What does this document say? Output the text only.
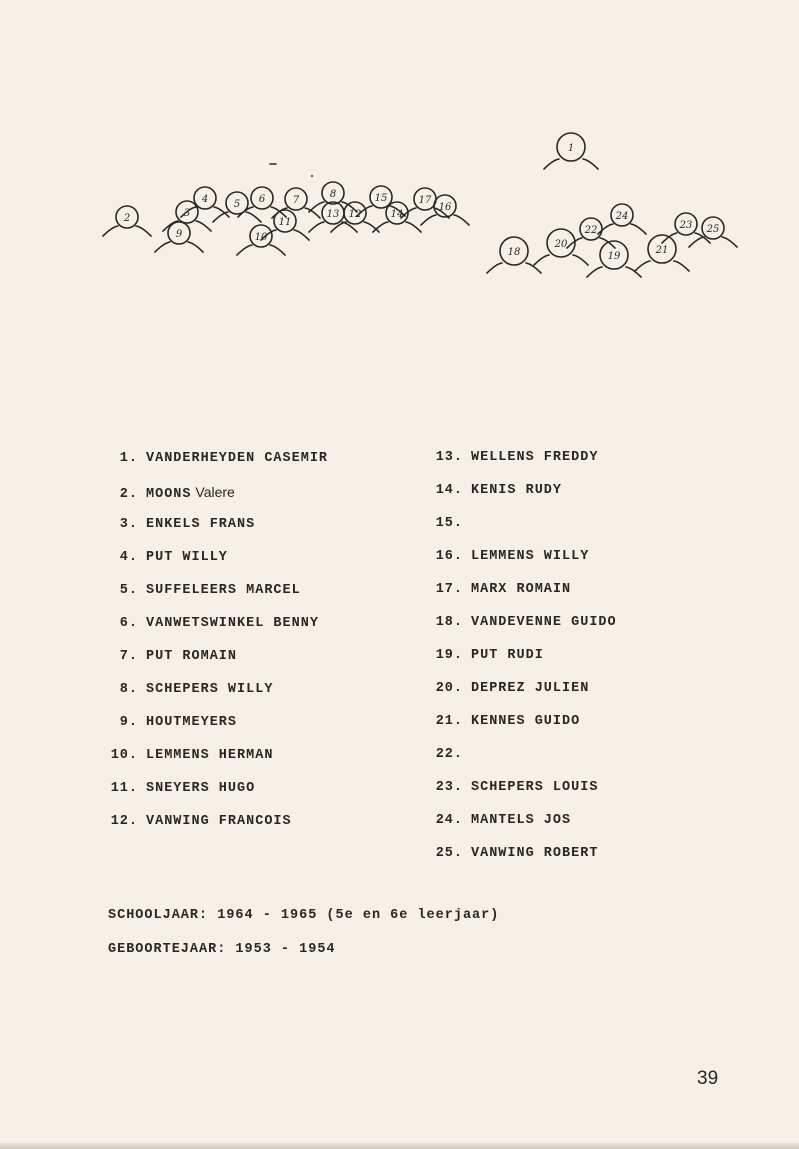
1
2	3
4	5 6	7
8
9	10
11
12
13	14
15
16
17
18	19
20
21
22	23
24
25
1. VANDERHEYDEN CASEMIR
2. MOONS Valere
3. ENKELS FRANS
4. PUT WILLY
5. SUFFELEERS MARCEL
6. VANWETSWINKEL BENNY
7. PUT ROMAIN
8. SCHEPERS WILLY
9. HOUTMEYERS
10. LEMMENS HERMAN
11. SNEYERS HUGO
12. VANWING FRANCOIS
13. WELLENS FREDDY
14. KENIS RUDY
15.
16. LEMMENS WILLY
17. MARX ROMAIN
18. VANDEVENNE GUIDO
19. PUT RUDI
20. DEPREZ JULIEN
21. KENNES GUIDO
22.
23. SCHEPERS LOUIS
24. MANTELS JOS
25. VANWING ROBERT
SCHOOLJAAR: 1964 - 1965 (5e en 6e leerjaar)
GEBOORTEJAAR: 1953 - 1954
39
